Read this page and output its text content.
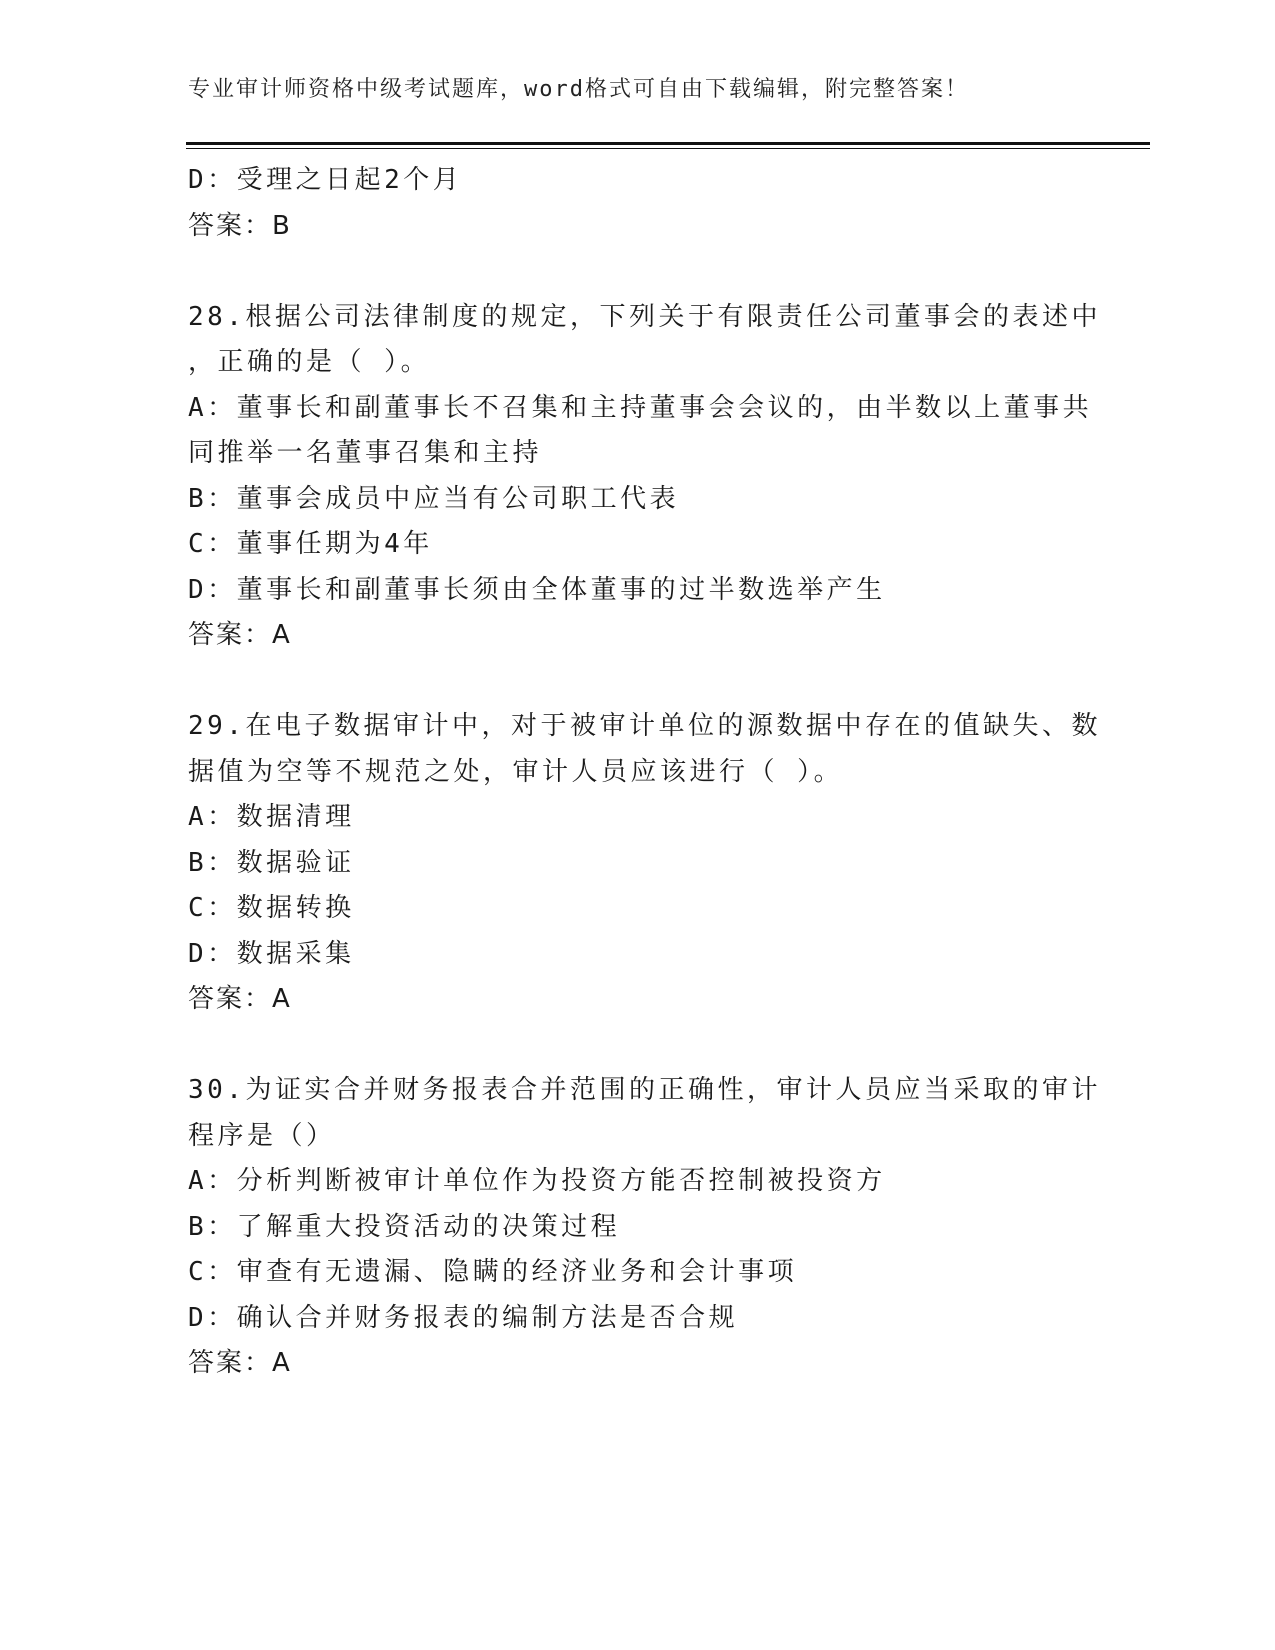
专业审计师资格中级考试题库，word格式可自由下载编辑，附完整答案！
D：受理之日起2个月
答案：B
28.根据公司法律制度的规定，下列关于有限责任公司董事会的表述中
，正确的是（ ）。
A：董事长和副董事长不召集和主持董事会会议的，由半数以上董事共
同推举一名董事召集和主持
B：董事会成员中应当有公司职工代表
C：董事任期为4年
D：董事长和副董事长须由全体董事的过半数选举产生
答案：A
29.在电子数据审计中，对于被审计单位的源数据中存在的值缺失、数
据值为空等不规范之处，审计人员应该进行（ ）。
A：数据清理
B：数据验证
C：数据转换
D：数据采集
答案：A
30.为证实合并财务报表合并范围的正确性，审计人员应当采取的审计
程序是（）
A：分析判断被审计单位作为投资方能否控制被投资方
B：了解重大投资活动的决策过程
C：审查有无遗漏、隐瞒的经济业务和会计事项
D：确认合并财务报表的编制方法是否合规
答案：A
